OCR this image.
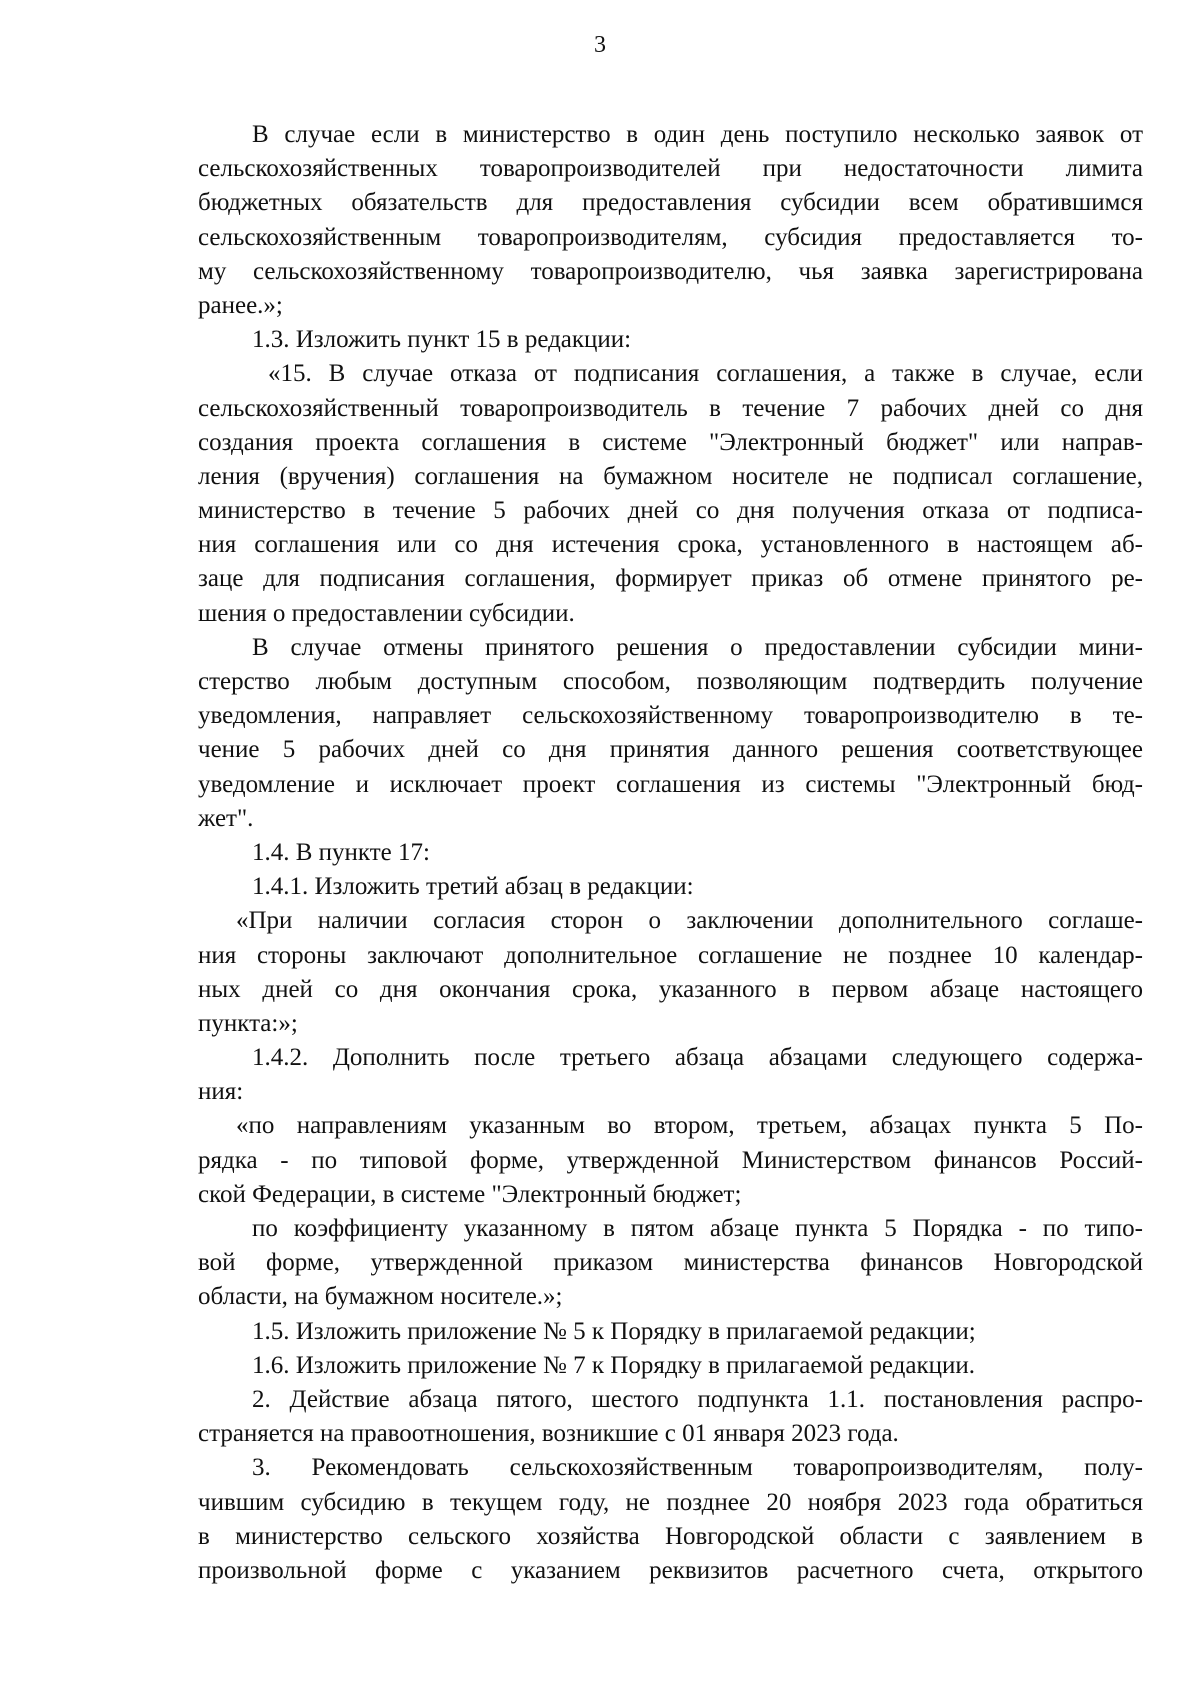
3
В случае если в министерство в один день поступило несколько заявок от
сельскохозяйственных товаропроизводителей при недостаточности лимита
бюджетных обязательств для предоставления субсидии всем обратившимся
сельскохозяйственным товаропроизводителям, субсидия предоставляется то-
му сельскохозяйственному товаропроизводителю, чья заявка зарегистрирована
ранее.»;
1.3. Изложить пункт 15 в редакции:
«15. В случае отказа от подписания соглашения, а также в случае, если
сельскохозяйственный товаропроизводитель в течение 7 рабочих дней со дня
создания проекта соглашения в системе "Электронный бюджет" или направ-
ления (вручения) соглашения на бумажном носителе не подписал соглашение,
министерство в течение 5 рабочих дней со дня получения отказа от подписа-
ния соглашения или со дня истечения срока, установленного в настоящем аб-
заце для подписания соглашения, формирует приказ об отмене принятого ре-
шения о предоставлении субсидии.
В случае отмены принятого решения о предоставлении субсидии мини-
стерство любым доступным способом, позволяющим подтвердить получение
уведомления, направляет сельскохозяйственному товаропроизводителю в те-
чение 5 рабочих дней со дня принятия данного решения соответствующее
уведомление и исключает проект соглашения из системы "Электронный бюд-
жет".
1.4. В пункте 17:
1.4.1. Изложить третий абзац в редакции:
«При наличии согласия сторон о заключении дополнительного соглаше-
ния стороны заключают дополнительное соглашение не позднее 10 календар-
ных дней со дня окончания срока, указанного в первом абзаце настоящего
пункта:»;
1.4.2. Дополнить после третьего абзаца абзацами следующего содержа-
ния:
«по направлениям указанным во втором, третьем, абзацах пункта 5 По-
рядка - по типовой форме, утвержденной Министерством финансов Россий-
ской Федерации, в системе "Электронный бюджет;
по коэффициенту указанному в пятом абзаце пункта 5 Порядка - по типо-
вой форме, утвержденной приказом министерства финансов Новгородской
области, на бумажном носителе.»;
1.5. Изложить приложение № 5 к Порядку в прилагаемой редакции;
1.6. Изложить приложение № 7 к Порядку в прилагаемой редакции.
2. Действие абзаца пятого, шестого подпункта 1.1. постановления распро-
страняется на правоотношения, возникшие с 01 января 2023 года.
3. Рекомендовать сельскохозяйственным товаропроизводителям, полу-
чившим субсидию в текущем году, не позднее 20 ноября 2023 года обратиться
в министерство сельского хозяйства Новгородской области с заявлением в
произвольной форме с указанием реквизитов расчетного счета, открытого
